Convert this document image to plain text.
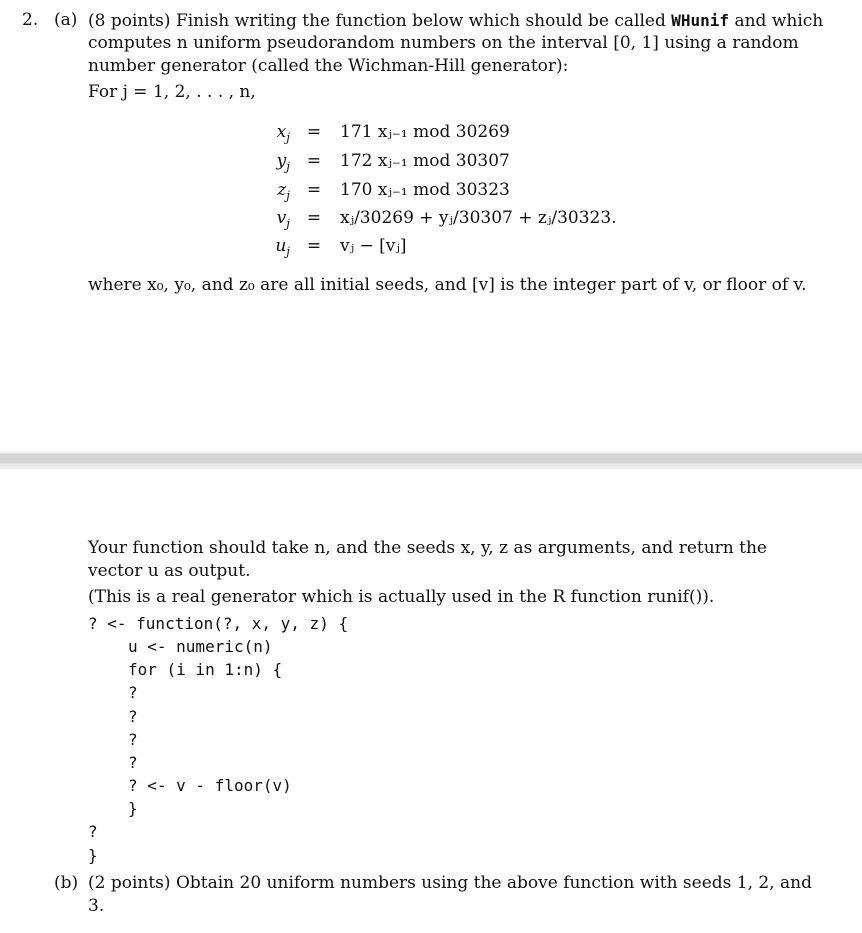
2. (a) (8 points) Finish writing the function below which should be called WHunif and which
computes n uniform pseudorandom numbers on the interval [0, 1] using a random
number generator (called the Wichman-Hill generator):
For j = 1, 2, . . . , n,
$x_j = 171$ xⱼ₋₁ mod 30269
$y_j = 172$ xⱼ₋₁ mod 30307
$z_j = 170$ xⱼ₋₁ mod 30323
$v_j$ = xⱼ/30269 + yⱼ/30307 + zⱼ/30323.
$u_j$ = vⱼ − [vⱼ]
where x₀, y₀, and z₀ are all initial seeds, and [v] is the integer part of v, or floor of v.
Your function should take n, and the seeds x, y, z as arguments, and return the
vector u as output.
(This is a real generator which is actually used in the R function runif()).
? <- function(?, x, y, z) {
u <- numeric(n)
for (i in 1:n) {
?
?
?
?
? <- v - floor(v)
}
?
}
(b) (2 points) Obtain 20 uniform numbers using the above function with seeds 1, 2, and
3.
